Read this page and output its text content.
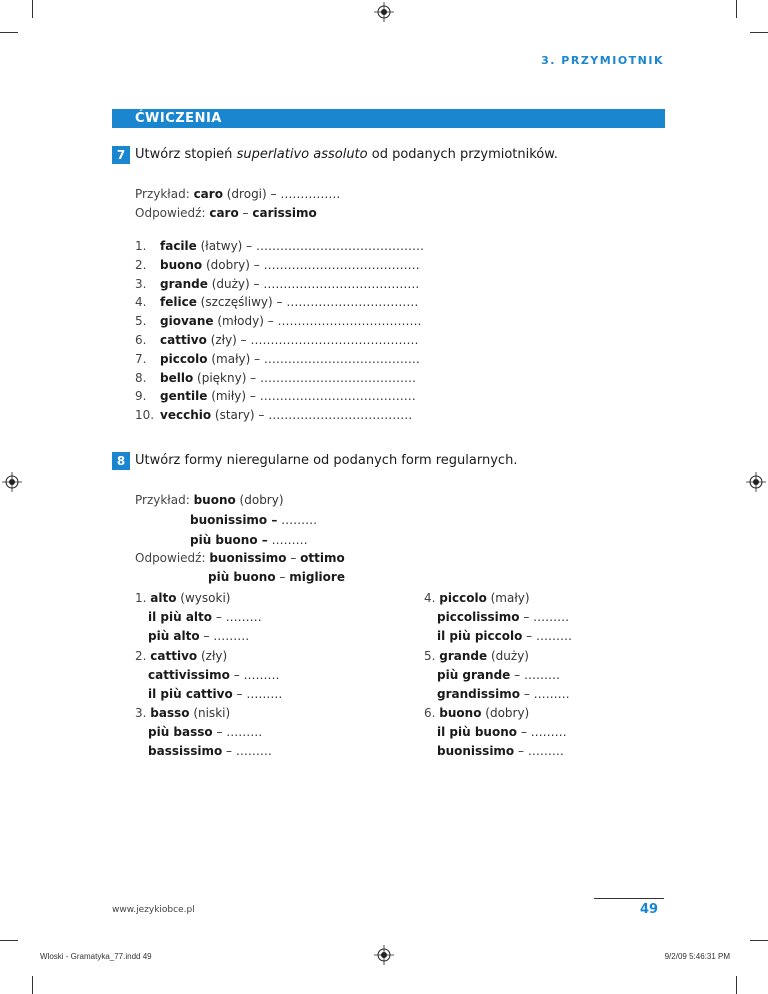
3. PRZYMIOTNIK
ĆWICZENIA
7 Utwórz stopień superlativo assoluto od podanych przymiotników.
Przykład: caro (drogi) – ……………
Odpowiedź: caro – carissimo
1. facile (łatwy) – ……………………………………
2. buono (dobry) – …………………………………
3. grande (duży) – …………………………………
4. felice (szczęśliwy) – ……………………………
5. giovane (młody) – ………………………………
6. cattivo (zły) – ……………………………………
7. piccolo (mały) – …………………………………
8. bello (piękny) – …………………………………
9. gentile (miły) – …………………………………
10. vecchio (stary) – ………………………………
8 Utwórz formy nieregularne od podanych form regularnych.
Przykład: buono (dobry)
buonissimo – ………
più buono – ………
Odpowiedź: buonissimo – ottimo
più buono – migliore
1. alto (wysoki)
il più alto – ………
più alto – ………
2. cattivo (zły)
cattivissimo – ………
il più cattivo – ………
3. basso (niski)
più basso – ………
bassissimo – ………
4. piccolo (mały)
piccolissimo – ………
il più piccolo – ………
5. grande (duży)
più grande – ………
grandissimo – ………
6. buono (dobry)
il più buono – ………
buonissimo – ………
www.jezykiobce.pl	49
Wloski - Gramatyka_77.indd 49	9/2/09 5:46:31 PM
